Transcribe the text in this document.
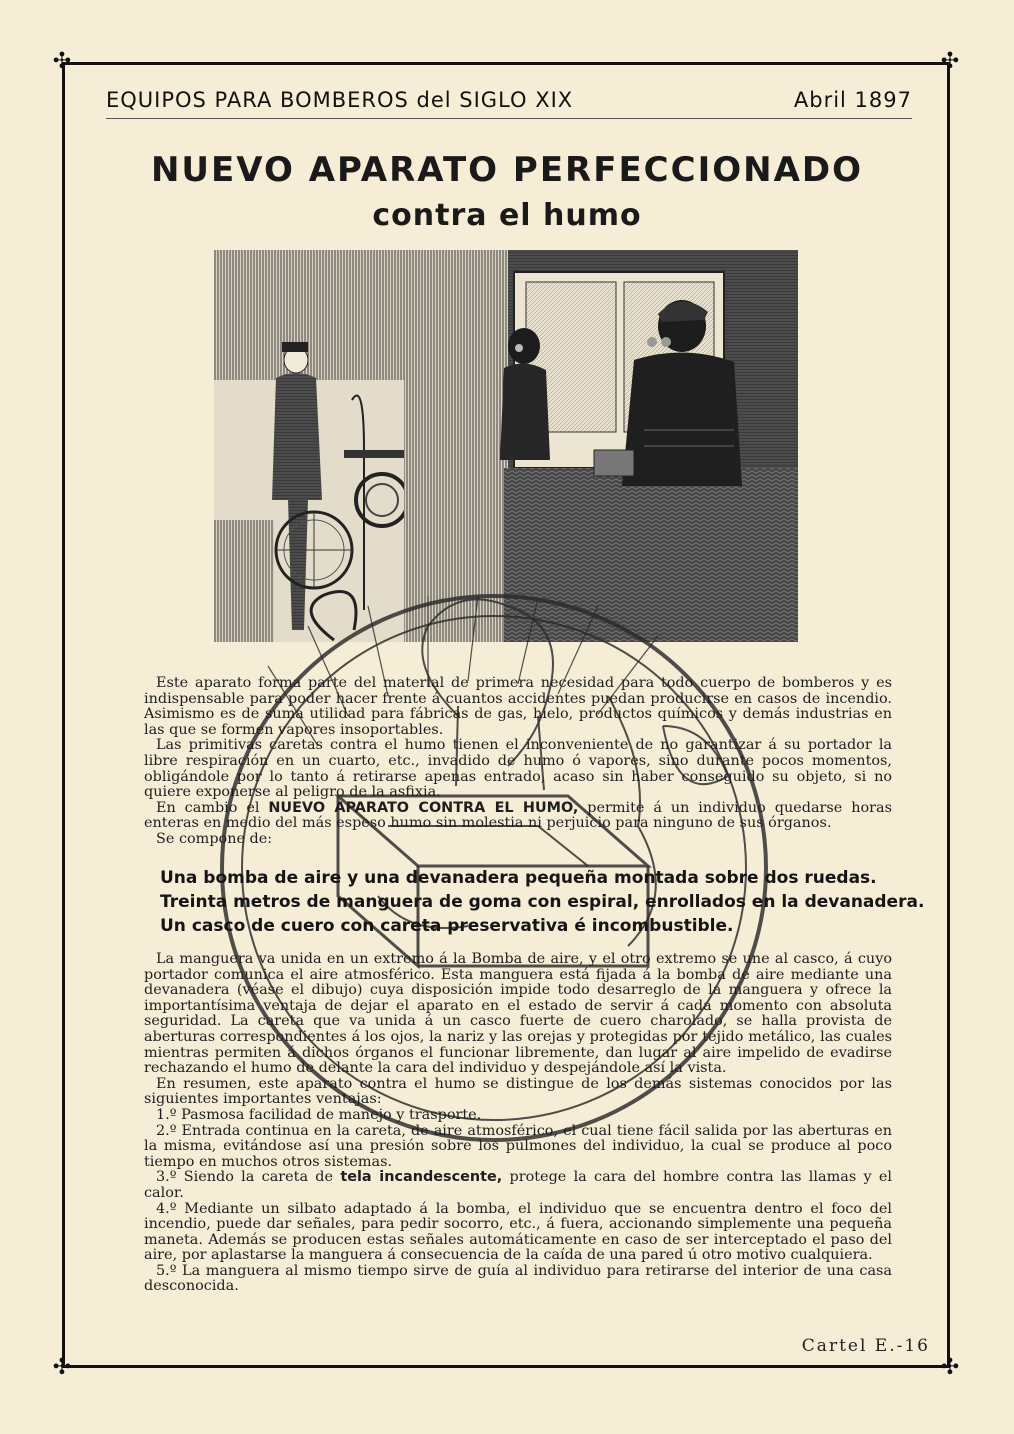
✣	✣
✣	✣
EQUIPOS PARA BOMBEROS del SIGLO XIX	Abril 1897
NUEVO APARATO PERFECCIONADO
contra el humo

Este aparato forma parte del material de primera necesidad para todo cuerpo de bomberos y es indispensable para poder hacer frente á cuantos accidentes puedan producirse en casos de incendio. Asimismo es de suma utilidad para fábricas de gas, hielo, productos químicos y demás industrias en las que se formen vapores insoportables.

Las primitivas caretas contra el humo tienen el inconveniente de no garantizar á su portador la libre respiración en un cuarto, etc., invadido de humo ó vapores, sino durante pocos momentos, obligándole por lo tanto á retirarse apenas entrado, acaso sin haber conseguido su objeto, si no quiere exponerse al peligro de la asfixia.

En cambio el NUEVO APARATO CONTRA EL HUMO, permite á un individuo quedarse horas enteras en medio del más espeso humo sin molestia ni perjuicio para ninguno de sus órganos.

Se compone de:

Una bomba de aire y una devanadera pequeña montada sobre dos ruedas.
Treinta metros de manguera de goma con espiral, enrollados en la devanadera.
Un casco de cuero con careta preservativa é incombustible.

La manguera va unida en un extremo á la Bomba de aire, y el otro extremo se une al casco, á cuyo portador comunica el aire atmosférico. Esta manguera está fijada á la bomba de aire mediante una devanadera (véase el dibujo) cuya disposición impide todo desarreglo de la manguera y ofrece la importantísima ventaja de dejar el aparato en el estado de servir á cada momento con absoluta seguridad. La careta que va unida á un casco fuerte de cuero charolado, se halla provista de aberturas correspondientes á los ojos, la nariz y las orejas y protegidas por tejido metálico, las cuales mientras permiten á dichos órganos el funcionar libremente, dan lugar al aire impelido de evadirse rechazando el humo de delante la cara del individuo y despejándole así la vista.

En resumen, este aparato contra el humo se distingue de los demás sistemas conocidos por las siguientes importantes ventajas:

1.º Pasmosa facilidad de manejo y trasporte.

2.º Entrada continua en la careta, de aire atmosférico, el cual tiene fácil salida por las aberturas en la misma, evitándose así una presión sobre los pulmones del individuo, la cual se produce al poco tiempo en muchos otros sistemas.

3.º Siendo la careta de tela incandescente, protege la cara del hombre contra las llamas y el calor.

4.º Mediante un silbato adaptado á la bomba, el individuo que se encuentra dentro el foco del incendio, puede dar señales, para pedir socorro, etc., á fuera, accionando simplemente una pequeña maneta. Además se producen estas señales automáticamente en caso de ser interceptado el paso del aire, por aplastarse la manguera á consecuencia de la caída de una pared ú otro motivo cualquiera.

5.º La manguera al mismo tiempo sirve de guía al individuo para retirarse del interior de una casa desconocida.

Cartel E.-16
